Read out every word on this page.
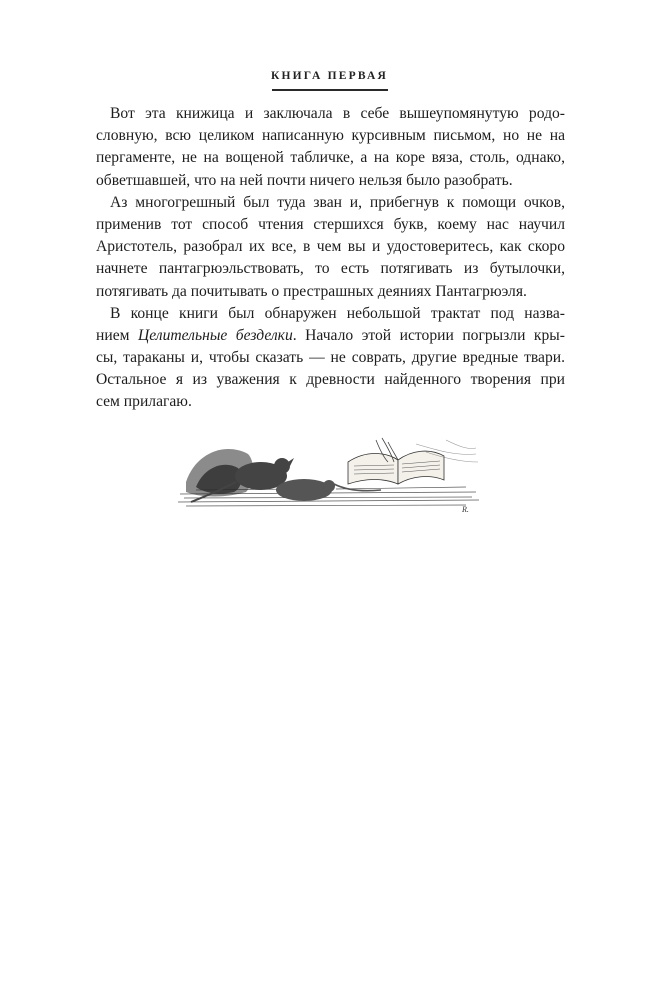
КНИГА ПЕРВАЯ
Вот эта книжица и заключала в себе вышеупомянутую родо-
словную, всю целиком написанную курсивным письмом, но не на
пергаменте, не на вощеной табличке, а на коре вяза, столь, однако,
обветшавшей, что на ней почти ничего нельзя было разобрать.
Аз многогрешный был туда зван и, прибегнув к помощи очков,
применив тот способ чтения стершихся букв, коему нас научил
Аристотель, разобрал их все, в чем вы и удостоверитесь, как скоро
начнете пантагрюэльствовать, то есть потягивать из бутылочки,
потягивать да почитывать о престрашных деяниях Пантагрюэля.
В конце книги был обнаружен небольшой трактат под назва-
нием Целительные безделки. Начало этой истории погрызли кры-
сы, тараканы и, чтобы сказать — не соврать, другие вредные твари.
Остальное я из уважения к древности найденного творения при
сем прилагаю.
R.
